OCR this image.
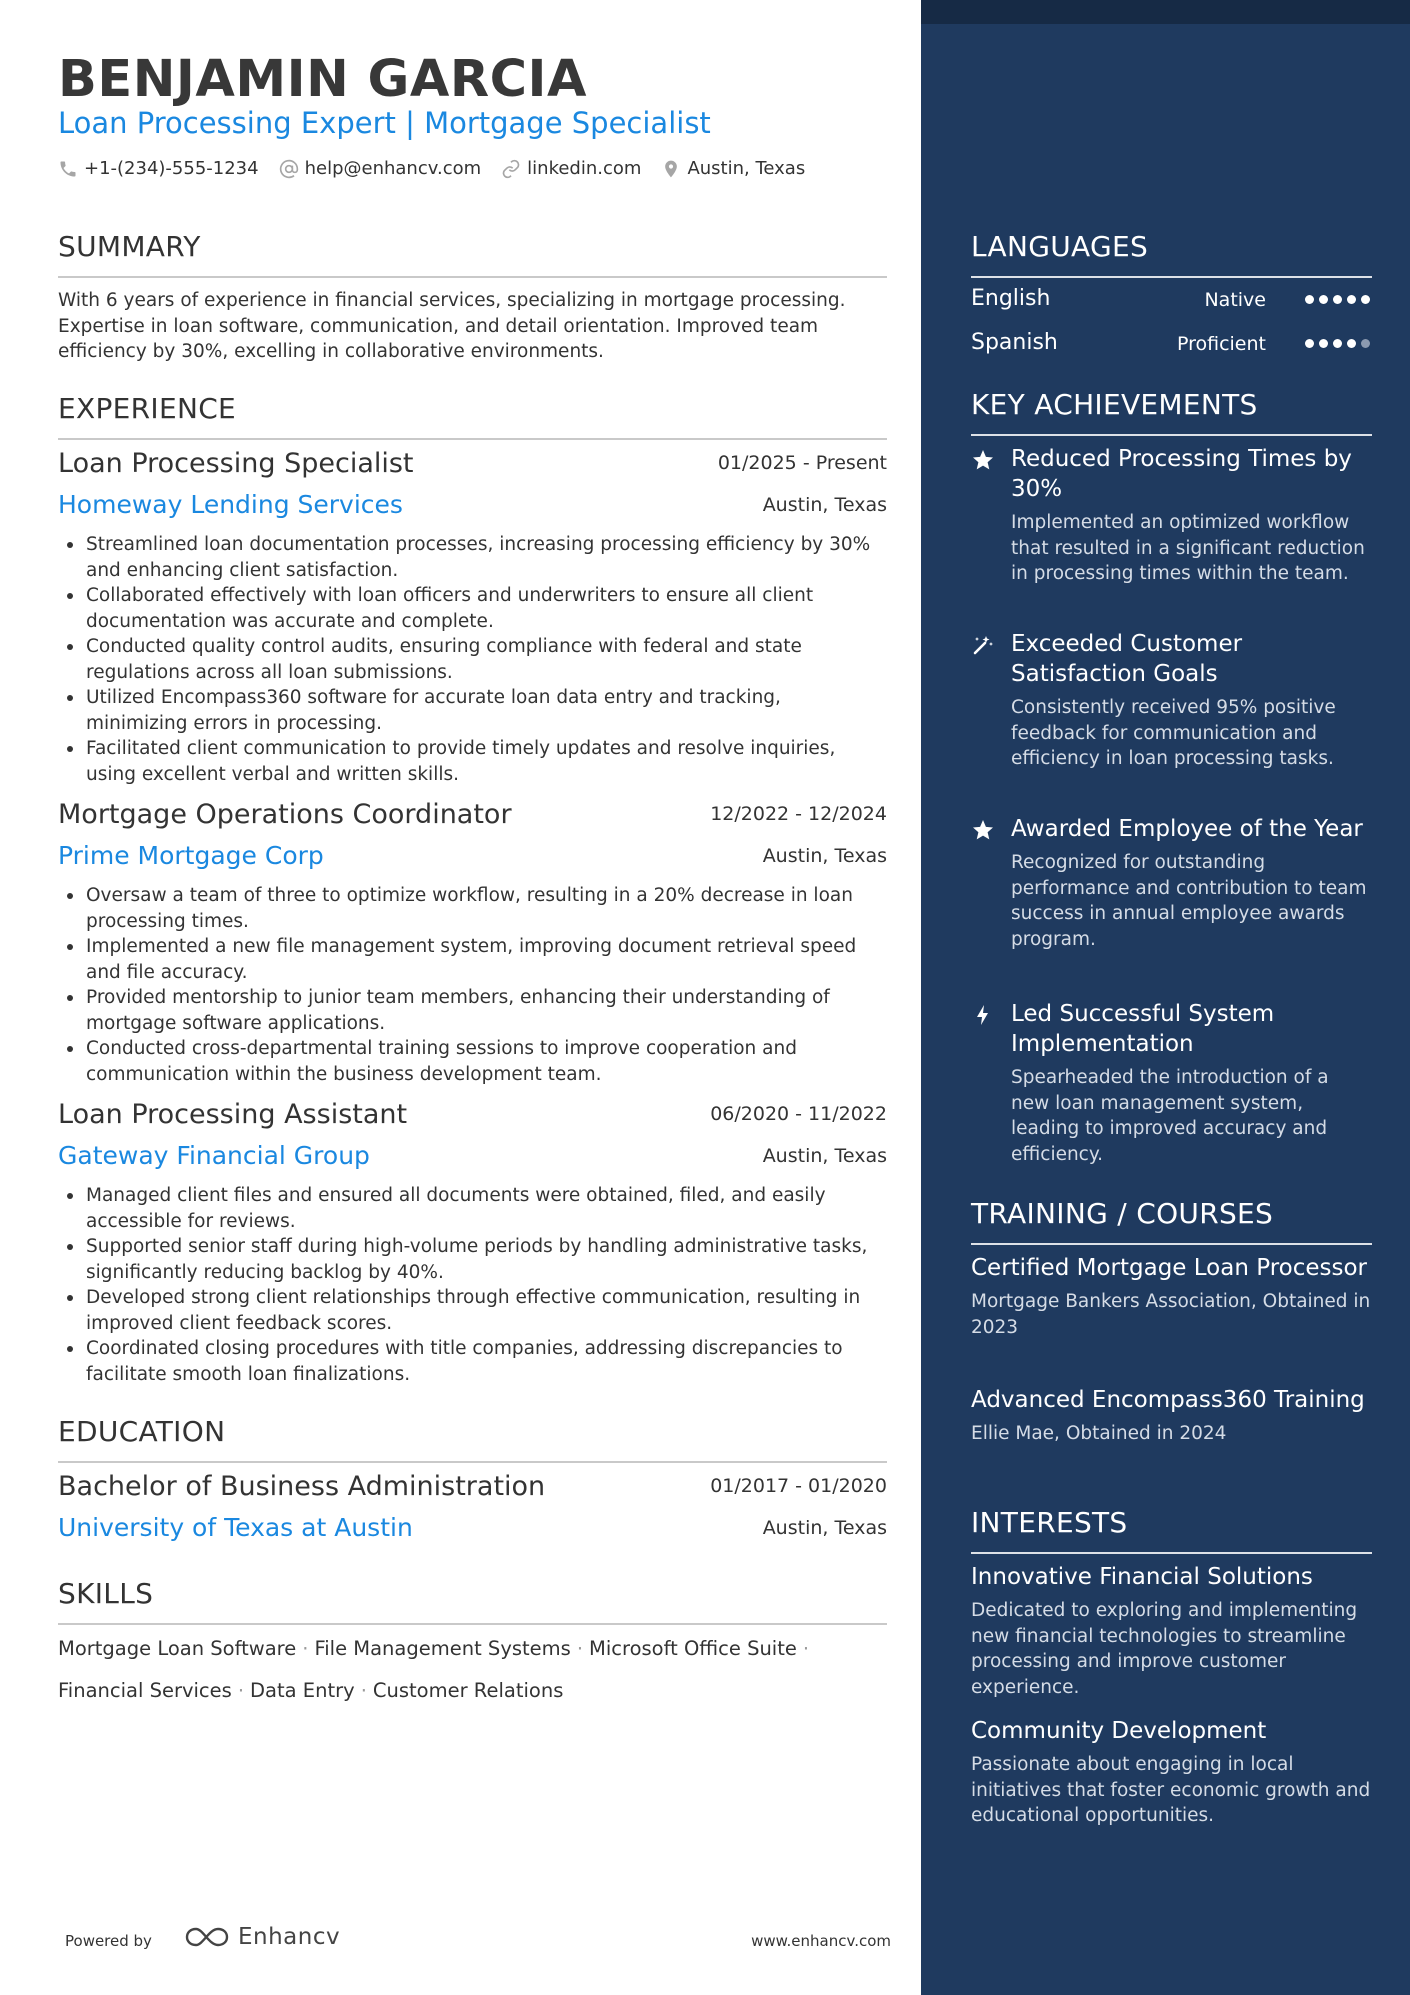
BENJAMIN GARCIA
Loan Processing Expert | Mortgage Specialist
+1-(234)-555-1234	help@enhancv.com	linkedin.com	Austin, Texas
SUMMARY
With 6 years of experience in financial services, specializing in mortgage processing. Expertise in loan software, communication, and detail orientation. Improved team efficiency by 30%, excelling in collaborative environments.
EXPERIENCE
Loan Processing Specialist	01/2025 - Present
Homeway Lending Services	Austin, Texas
Streamlined loan documentation processes, increasing processing efficiency by 30% and enhancing client satisfaction.
Collaborated effectively with loan officers and underwriters to ensure all client documentation was accurate and complete.
Conducted quality control audits, ensuring compliance with federal and state regulations across all loan submissions.
Utilized Encompass360 software for accurate loan data entry and tracking, minimizing errors in processing.
Facilitated client communication to provide timely updates and resolve inquiries, using excellent verbal and written skills.
Mortgage Operations Coordinator	12/2022 - 12/2024
Prime Mortgage Corp	Austin, Texas
Oversaw a team of three to optimize workflow, resulting in a 20% decrease in loan processing times.
Implemented a new file management system, improving document retrieval speed and file accuracy.
Provided mentorship to junior team members, enhancing their understanding of mortgage software applications.
Conducted cross-departmental training sessions to improve cooperation and communication within the business development team.
Loan Processing Assistant	06/2020 - 11/2022
Gateway Financial Group	Austin, Texas
Managed client files and ensured all documents were obtained, filed, and easily accessible for reviews.
Supported senior staff during high-volume periods by handling administrative tasks, significantly reducing backlog by 40%.
Developed strong client relationships through effective communication, resulting in improved client feedback scores.
Coordinated closing procedures with title companies, addressing discrepancies to facilitate smooth loan finalizations.
EDUCATION
Bachelor of Business Administration	01/2017 - 01/2020
University of Texas at Austin	Austin, Texas
SKILLS
Mortgage Loan Software · File Management Systems · Microsoft Office Suite ·
Financial Services · Data Entry · Customer Relations
Powered by	Enhancv	www.enhancv.com
LANGUAGES
English	Native
Spanish	Proficient
KEY ACHIEVEMENTS
Reduced Processing Times by 30%
Implemented an optimized workflow that resulted in a significant reduction in processing times within the team.
Exceeded Customer Satisfaction Goals
Consistently received 95% positive feedback for communication and efficiency in loan processing tasks.
Awarded Employee of the Year
Recognized for outstanding performance and contribution to team success in annual employee awards program.
Led Successful System Implementation
Spearheaded the introduction of a new loan management system, leading to improved accuracy and efficiency.
TRAINING / COURSES
Certified Mortgage Loan Processor
Mortgage Bankers Association, Obtained in 2023
Advanced Encompass360 Training
Ellie Mae, Obtained in 2024
INTERESTS
Innovative Financial Solutions
Dedicated to exploring and implementing new financial technologies to streamline processing and improve customer experience.
Community Development
Passionate about engaging in local initiatives that foster economic growth and educational opportunities.
